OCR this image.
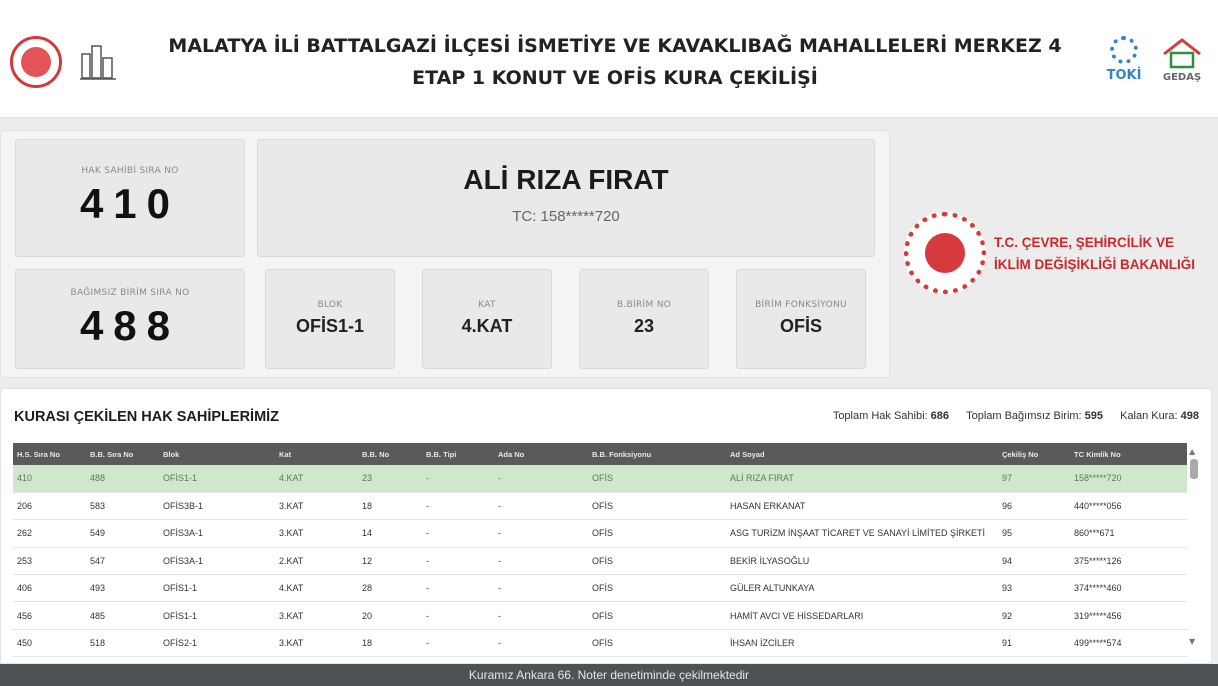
MALATYA İLİ BATTALGAZİ İLÇESİ İSMETİYE VE KAVAKLIBAĞ MAHALLELERİ MERKEZ 4
ETAP 1 KONUT VE OFİS KURA ÇEKİLİŞİ	TOKİ GEDAŞ
HAK SAHİBİ SIRA NO
410
ALİ RIZA FIRAT
TC: 158*****720
BAĞIMSIZ BİRİM SIRA NO
488	BLOK
OFİS1-1
KAT
4.KAT
B.BİRİM NO
23
BİRİM FONKSİYONU
OFİS
T.C. ÇEVRE, ŞEHİRCİLİK VE
İKLİM DEĞİŞİKLİĞİ BAKANLIĞI
KURASI ÇEKİLEN HAK SAHİPLERİMİZ	Toplam Hak Sahibi: 686 Toplam Bağımsız Birim: 595 Kalan Kura: 498
H.S. Sıra No	B.B. Sıra No	Blok	Kat	B.B. No	B.B. Tipi	Ada No	B.B. Fonksiyonu	Ad Soyad	Çekiliş No	TC Kimlik No
410	488	OFİS1-1	4.KAT	23	-	-	OFİS	ALİ RIZA FIRAT	97	158*****720
206	583	OFİS3B-1	3.KAT	18	-	-	OFİS	HASAN ERKANAT	96	440*****056
262	549	OFİS3A-1	3.KAT	14	-	-	OFİS	ASG TURİZM İNŞAAT TİCARET VE SANAYİ LİMİTED ŞİRKETİ	95	860***671
253	547	OFİS3A-1	2.KAT	12	-	-	OFİS	BEKİR İLYASOĞLU	94	375*****126
406	493	OFİS1-1	4.KAT	28	-	-	OFİS	GÜLER ALTUNKAYA	93	374*****460
456	485	OFİS1-1	3.KAT	20	-	-	OFİS	HAMİT AVCI VE HİSSEDARLARI	92	319*****456
450	518	OFİS2-1	3.KAT	18	-	-	OFİS	İHSAN İZCİLER	91	499*****574
▲
▼
Kuramız Ankara 66. Noter denetiminde çekilmektedir
